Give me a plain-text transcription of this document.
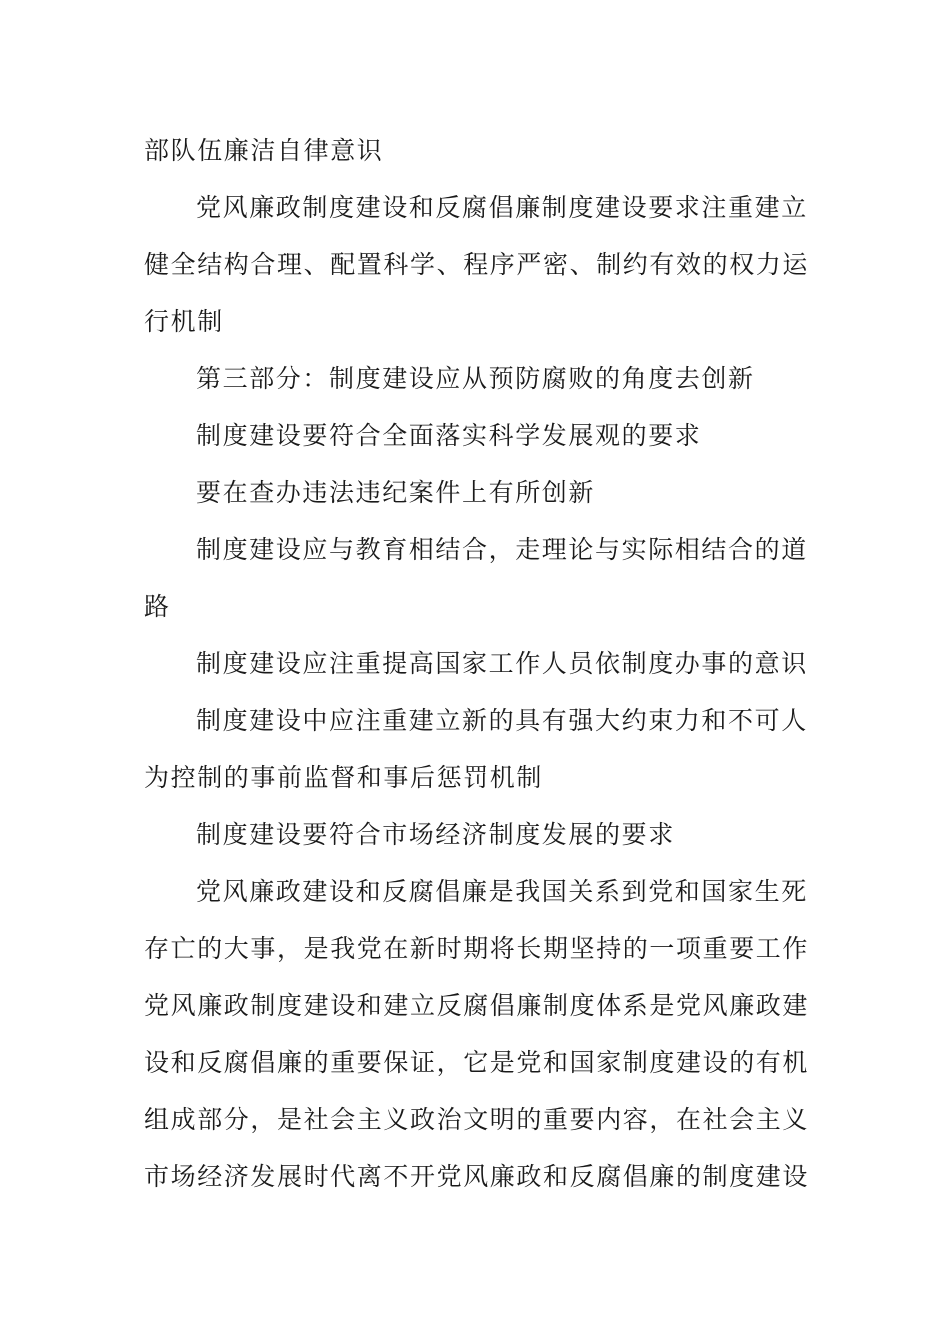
部队伍廉洁自律意识
党风廉政制度建设和反腐倡廉制度建设要求注重建立
健全结构合理、配置科学、程序严密、制约有效的权力运
行机制
第三部分：制度建设应从预防腐败的角度去创新
制度建设要符合全面落实科学发展观的要求
要在查办违法违纪案件上有所创新
制度建设应与教育相结合，走理论与实际相结合的道
路
制度建设应注重提高国家工作人员依制度办事的意识
制度建设中应注重建立新的具有强大约束力和不可人
为控制的事前监督和事后惩罚机制
制度建设要符合市场经济制度发展的要求
党风廉政建设和反腐倡廉是我国关系到党和国家生死
存亡的大事，是我党在新时期将长期坚持的一项重要工作
党风廉政制度建设和建立反腐倡廉制度体系是党风廉政建
设和反腐倡廉的重要保证，它是党和国家制度建设的有机
组成部分，是社会主义政治文明的重要内容，在社会主义
市场经济发展时代离不开党风廉政和反腐倡廉的制度建设
